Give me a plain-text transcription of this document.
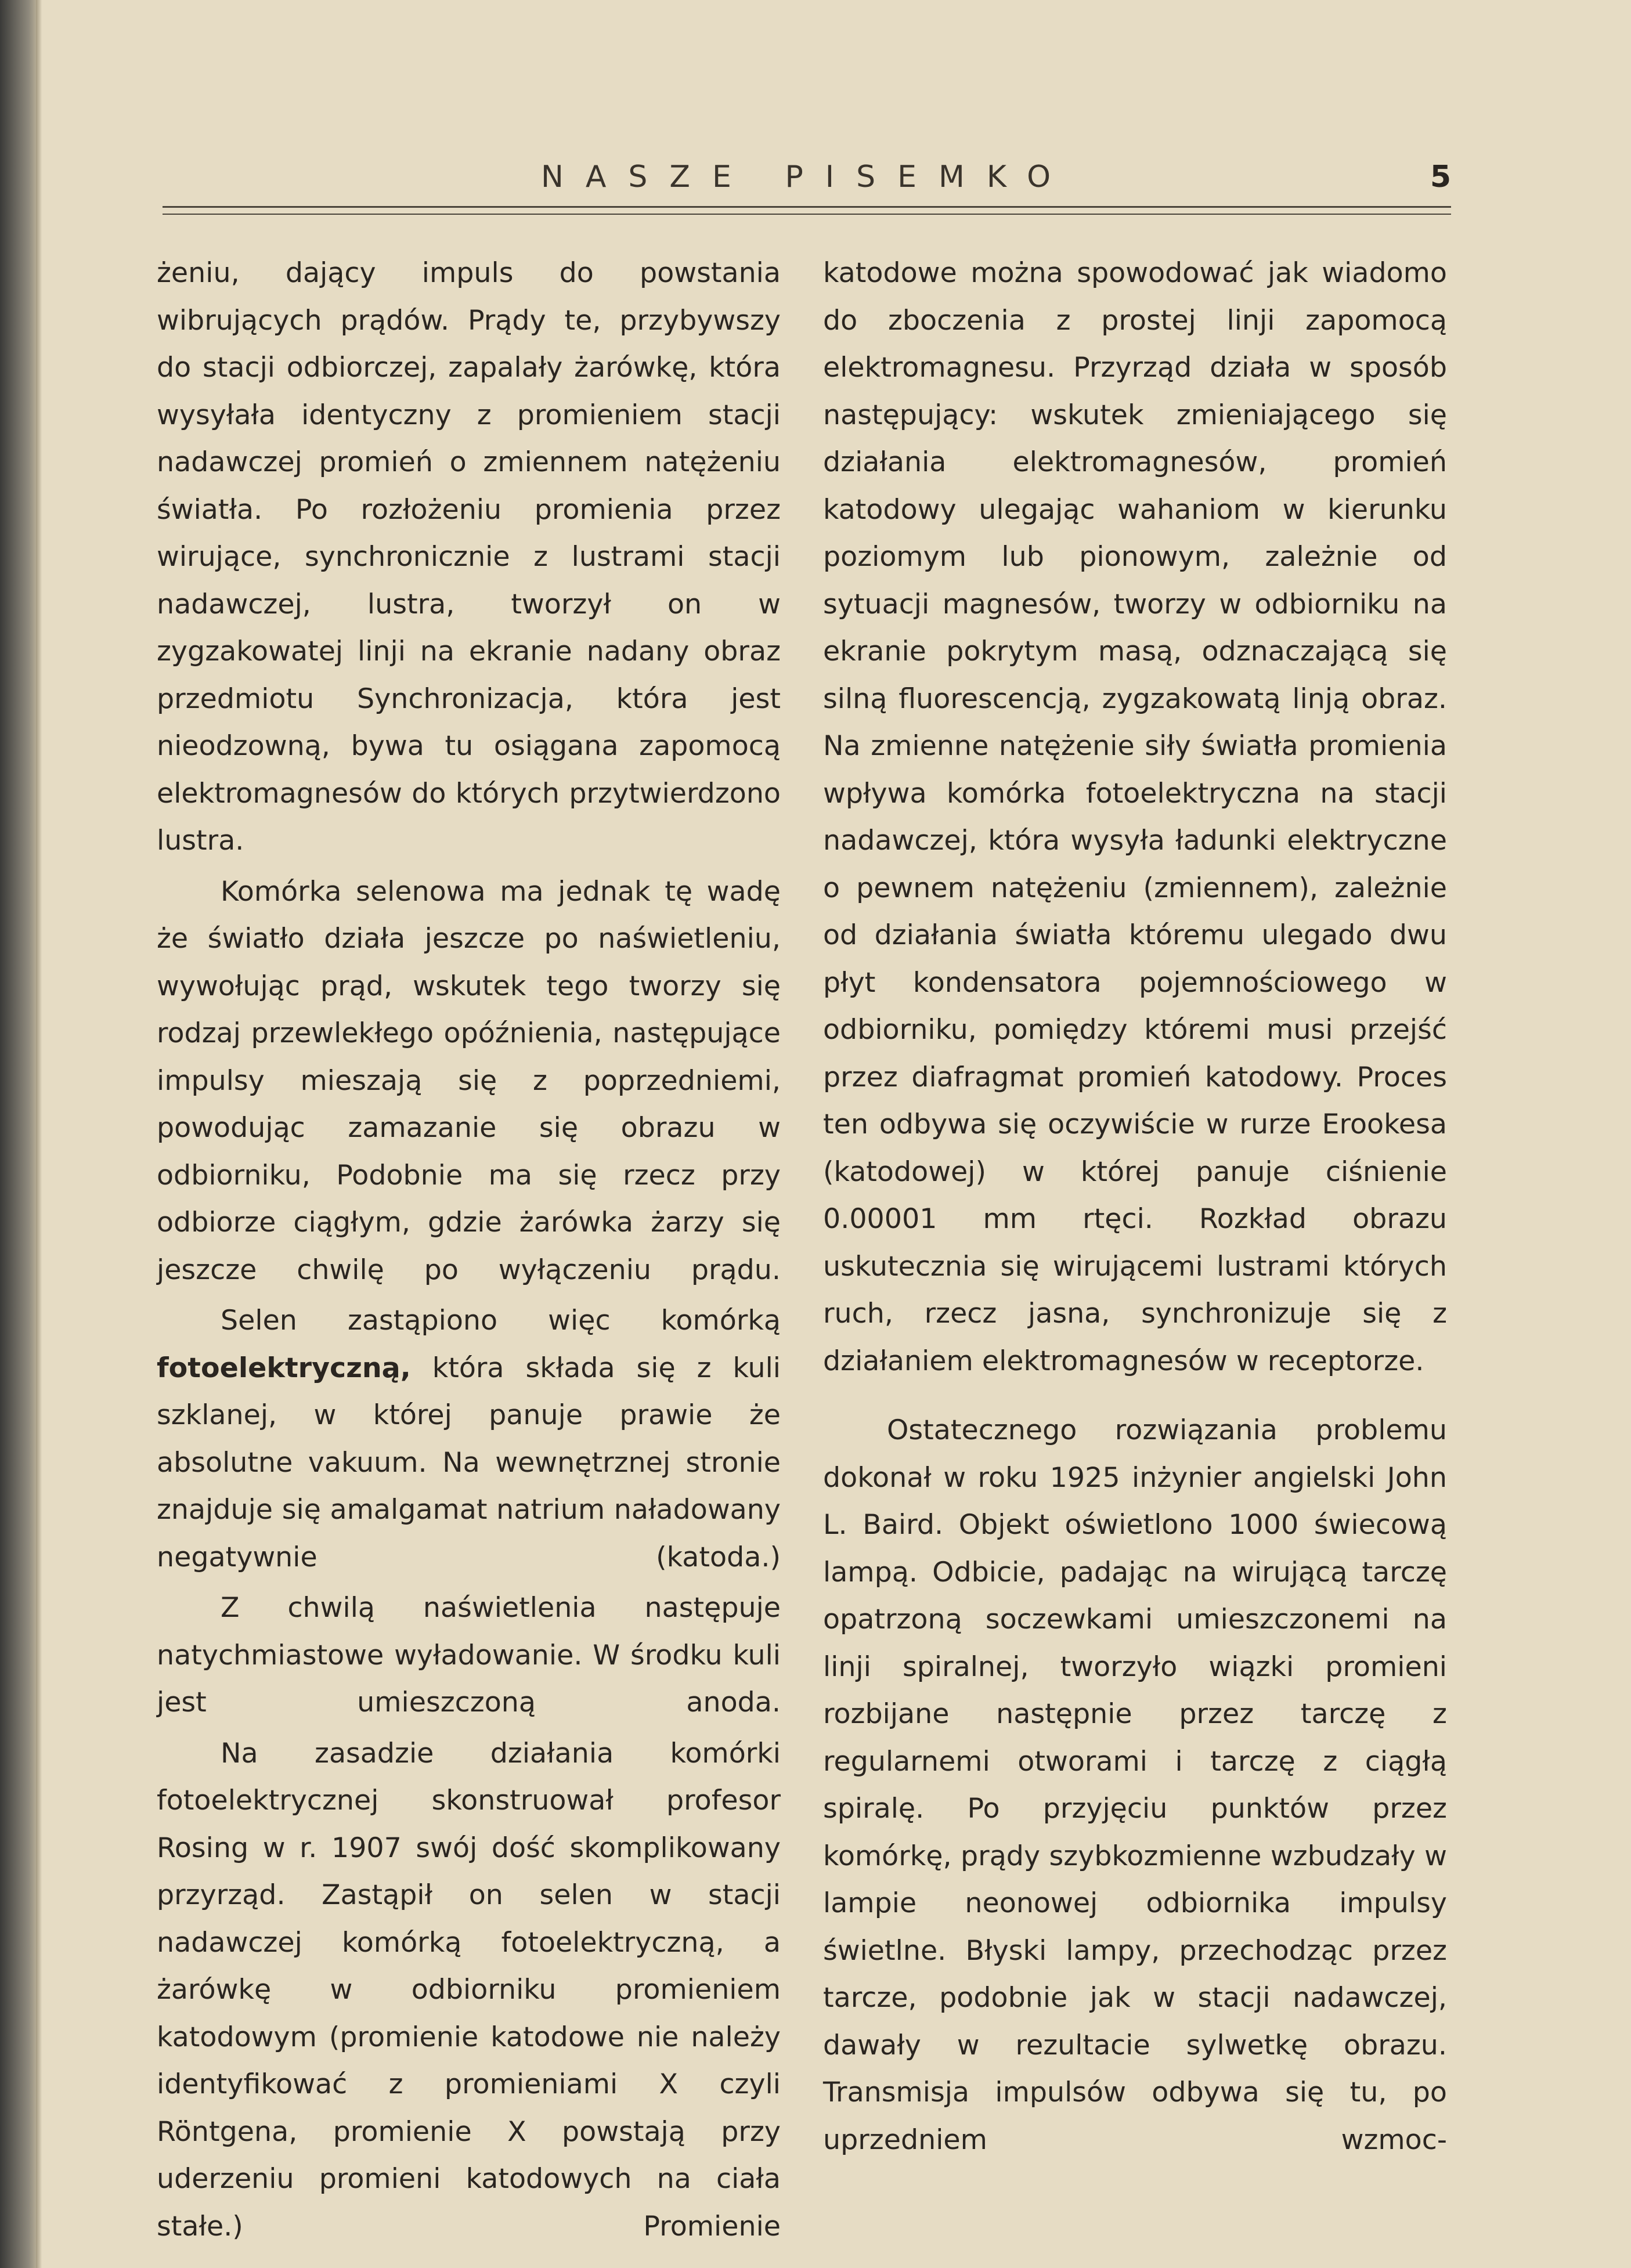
NASZE PISEMKO	5

żeniu, dający impuls do powstania wibrujących prądów. Prądy te, przybywszy do stacji odbiorczej, zapalały żarówkę, która wysyłała identyczny z promieniem stacji nadawczej promień o zmiennem natężeniu światła. Po rozłożeniu promienia przez wirujące, synchronicznie z lustrami stacji nadawczej, lustra, tworzył on w zygzakowatej linji na ekranie nadany obraz przedmiotu Synchronizacja, która jest nieodzowną, bywa tu osiągana zapomocą elektromagnesów do których przytwierdzono lustra.

Komórka selenowa ma jednak tę wadę że światło działa jeszcze po naświetleniu, wywołując prąd, wskutek tego tworzy się rodzaj przewlekłego opóźnienia, następujące impulsy mieszają się z poprzedniemi, powodując zamazanie się obrazu w odbiorniku, Podobnie ma się rzecz przy odbiorze ciągłym, gdzie żarówka żarzy się jeszcze chwilę po wyłączeniu prądu.

Selen zastąpiono więc komórką fotoelektryczną, która składa się z kuli szklanej, w której panuje prawie że absolutne vakuum. Na wewnętrznej stronie znajduje się amalgamat natrium naładowany negatywnie (katoda.)

Z chwilą naświetlenia następuje natychmiastowe wyładowanie. W środku kuli jest umieszczoną anoda.

Na zasadzie działania komórki fotoelektrycznej skonstruował profesor Rosing w r. 1907 swój dość skomplikowany przyrząd. Zastąpił on selen w stacji nadawczej komórką fotoelektryczną, a żarówkę w odbiorniku promieniem katodowym (promienie katodowe nie należy identyfikować z promieniami X czyli Röntgena, promienie X powstają przy uderzeniu promieni katodowych na ciała stałe.) Promienie

katodowe można spowodować jak wiadomo do zboczenia z prostej linji zapomocą elektromagnesu. Przyrząd działa w sposób następujący: wskutek zmieniającego się działania elektromagnesów, promień katodowy ulegając wahaniom w kierunku poziomym lub pionowym, zależnie od sytuacji magnesów, tworzy w odbiorniku na ekranie pokrytym masą, odznaczającą się silną fluorescencją, zygzakowatą linją obraz. Na zmienne natężenie siły światła promienia wpływa komórka fotoelektryczna na stacji nadawczej, która wysyła ładunki elektryczne o pewnem natężeniu (zmiennem), zależnie od działania światła któremu ulegado dwu płyt kondensatora pojemnościowego w odbiorniku, pomiędzy któremi musi przejść przez diafragmat promień katodowy. Proces ten odbywa się oczywiście w rurze Erookesa (katodowej) w której panuje ciśnienie 0.00001 mm rtęci. Rozkład obrazu uskutecznia się wirującemi lustrami których ruch, rzecz jasna, synchronizuje się z działaniem elektromagnesów w receptorze.

Ostatecznego rozwiązania problemu dokonał w roku 1925 inżynier angielski John L. Baird. Objekt oświetlono 1000 świecową lampą. Odbicie, padając na wirującą tarczę opatrzoną soczewkami umieszczonemi na linji spiralnej, tworzyło wiązki promieni rozbijane następnie przez tarczę z regularnemi otworami i tarczę z ciągłą spiralę. Po przyjęciu punktów przez komórkę, prądy szybkozmienne wzbudzały w lampie neonowej odbiornika impulsy świetlne. Błyski lampy, przechodząc przez tarcze, podobnie jak w stacji nadawczej, dawały w rezultacie sylwetkę obrazu. Transmisja impulsów odbywa się tu, po uprzedniem wzmoc-
